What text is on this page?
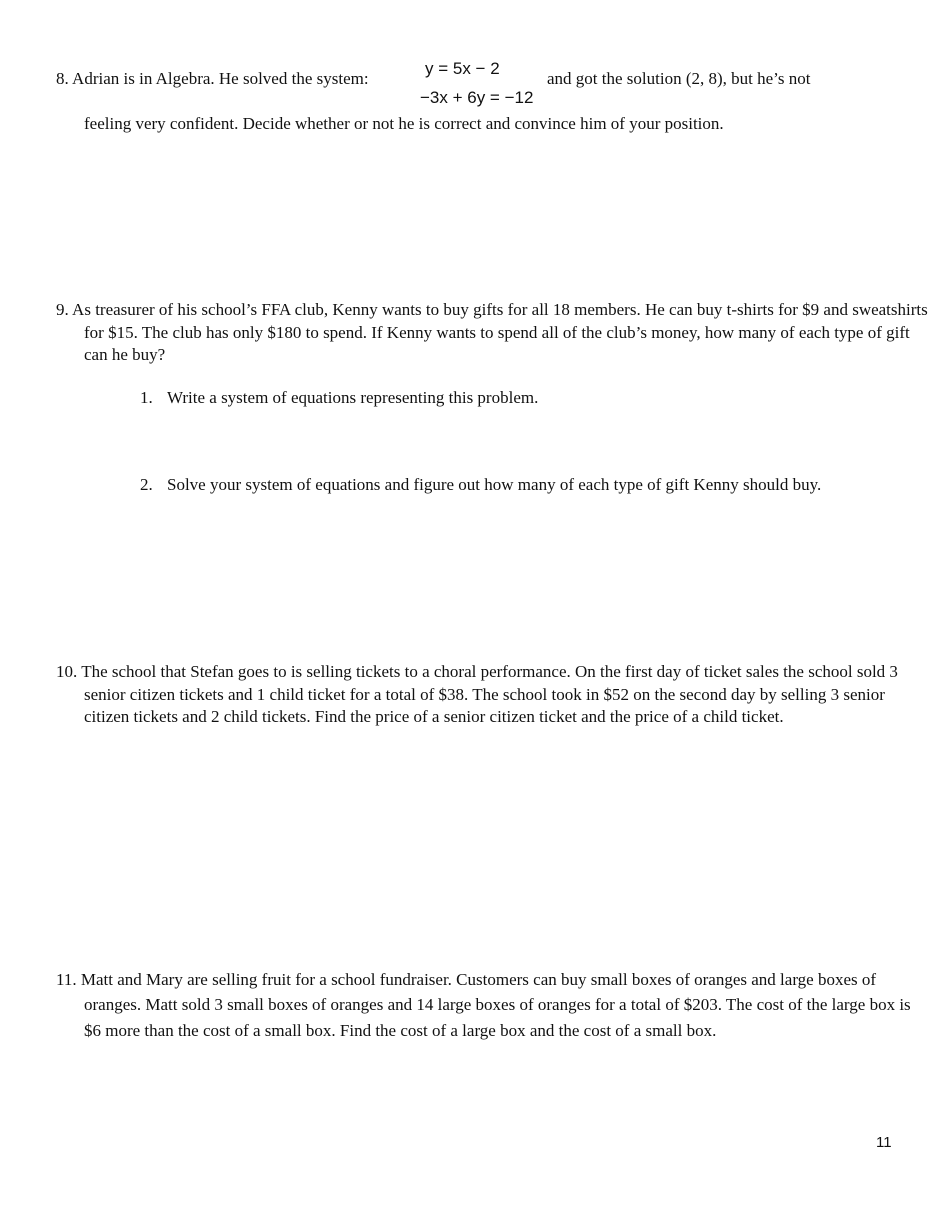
8. Adrian is in Algebra. He solved the system:
y = 5x − 2
−3x + 6y = −12
and got the solution (2, 8), but he’s not
feeling very confident. Decide whether or not he is correct and convince him of your position.

9. As treasurer of his school’s FFA club, Kenny wants to buy gifts for all 18 members. He can buy t-shirts for $9 and sweatshirts for $15. The club has only $180 to spend. If Kenny wants to spend all of the club’s money, how many of each type of gift can he buy?

1. Write a system of equations representing this problem.
2. Solve your system of equations and figure out how many of each type of gift Kenny should buy.

10. The school that Stefan goes to is selling tickets to a choral performance. On the first day of ticket sales the school sold 3 senior citizen tickets and 1 child ticket for a total of $38. The school took in $52 on the second day by selling 3 senior citizen tickets and 2 child tickets. Find the price of a senior citizen ticket and the price of a child ticket.

11. Matt and Mary are selling fruit for a school fundraiser. Customers can buy small boxes of oranges and large boxes of oranges. Matt sold 3 small boxes of oranges and 14 large boxes of oranges for a total of $203. The cost of the large box is $6 more than the cost of a small box. Find the cost of a large box and the cost of a small box.

11
